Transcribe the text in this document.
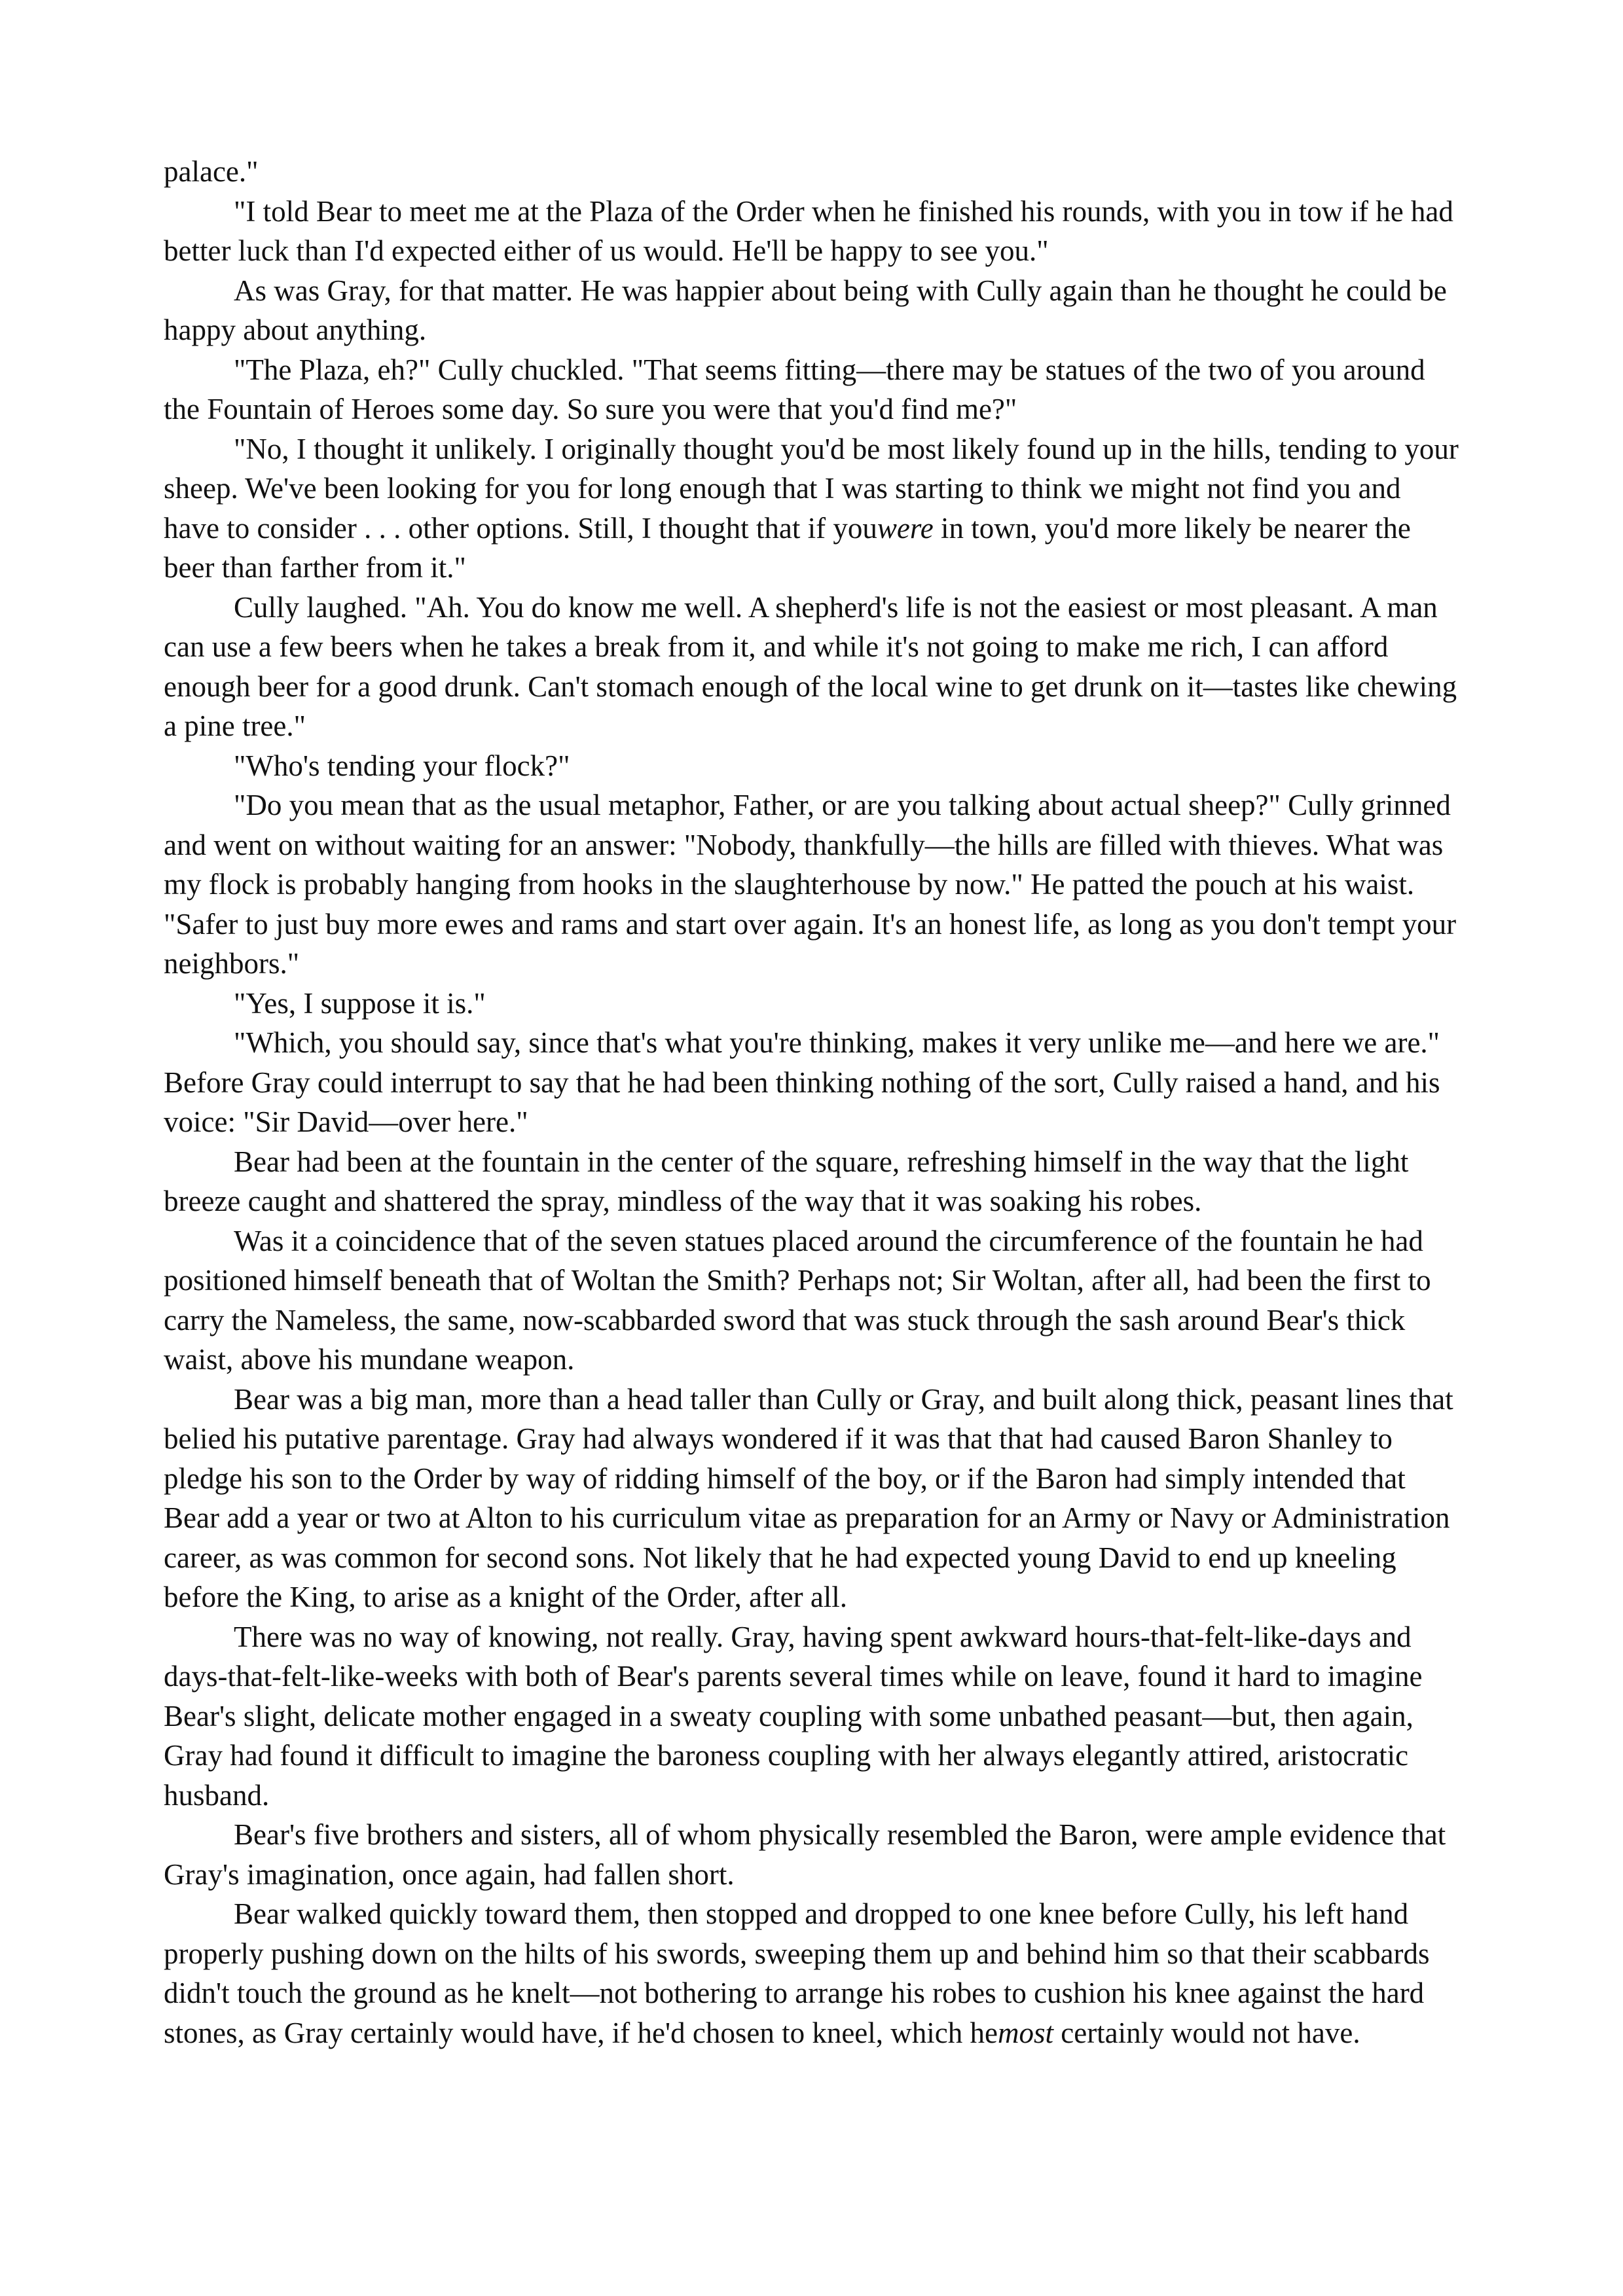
palace."

"I told Bear to meet me at the Plaza of the Order when he finished his rounds, with you in tow if he had better luck than I'd expected either of us would. He'll be happy to see you."

As was Gray, for that matter. He was happier about being with Cully again than he thought he could be happy about anything.

"The Plaza, eh?" Cully chuckled. "That seems fitting—there may be statues of the two of you around the Fountain of Heroes some day. So sure you were that you'd find me?"

"No, I thought it unlikely. I originally thought you'd be most likely found up in the hills, tending to your sheep. We've been looking for you for long enough that I was starting to think we might not find you and have to consider . . . other options. Still, I thought that if youwere in town, you'd more likely be nearer the beer than farther from it."

Cully laughed. "Ah. You do know me well. A shepherd's life is not the easiest or most pleasant. A man can use a few beers when he takes a break from it, and while it's not going to make me rich, I can afford enough beer for a good drunk. Can't stomach enough of the local wine to get drunk on it—tastes like chewing a pine tree."

"Who's tending your flock?"

"Do you mean that as the usual metaphor, Father, or are you talking about actual sheep?" Cully grinned and went on without waiting for an answer: "Nobody, thankfully—the hills are filled with thieves. What was my flock is probably hanging from hooks in the slaughterhouse by now." He patted the pouch at his waist. "Safer to just buy more ewes and rams and start over again. It's an honest life, as long as you don't tempt your neighbors."

"Yes, I suppose it is."

"Which, you should say, since that's what you're thinking, makes it very unlike me—and here we are." Before Gray could interrupt to say that he had been thinking nothing of the sort, Cully raised a hand, and his voice: "Sir David—over here."

Bear had been at the fountain in the center of the square, refreshing himself in the way that the light breeze caught and shattered the spray, mindless of the way that it was soaking his robes.

Was it a coincidence that of the seven statues placed around the circumference of the fountain he had positioned himself beneath that of Woltan the Smith? Perhaps not; Sir Woltan, after all, had been the first to carry the Nameless, the same, now-scabbarded sword that was stuck through the sash around Bear's thick waist, above his mundane weapon.

Bear was a big man, more than a head taller than Cully or Gray, and built along thick, peasant lines that belied his putative parentage. Gray had always wondered if it was that that had caused Baron Shanley to pledge his son to the Order by way of ridding himself of the boy, or if the Baron had simply intended that Bear add a year or two at Alton to his curriculum vitae as preparation for an Army or Navy or Administration career, as was common for second sons. Not likely that he had expected young David to end up kneeling before the King, to arise as a knight of the Order, after all.

There was no way of knowing, not really. Gray, having spent awkward hours-that-felt-like-days and days-that-felt-like-weeks with both of Bear's parents several times while on leave, found it hard to imagine Bear's slight, delicate mother engaged in a sweaty coupling with some unbathed peasant—but, then again, Gray had found it difficult to imagine the baroness coupling with her always elegantly attired, aristocratic husband.

Bear's five brothers and sisters, all of whom physically resembled the Baron, were ample evidence that Gray's imagination, once again, had fallen short.

Bear walked quickly toward them, then stopped and dropped to one knee before Cully, his left hand properly pushing down on the hilts of his swords, sweeping them up and behind him so that their scabbards didn't touch the ground as he knelt—not bothering to arrange his robes to cushion his knee against the hard stones, as Gray certainly would have, if he'd chosen to kneel, which hemost certainly would not have.
